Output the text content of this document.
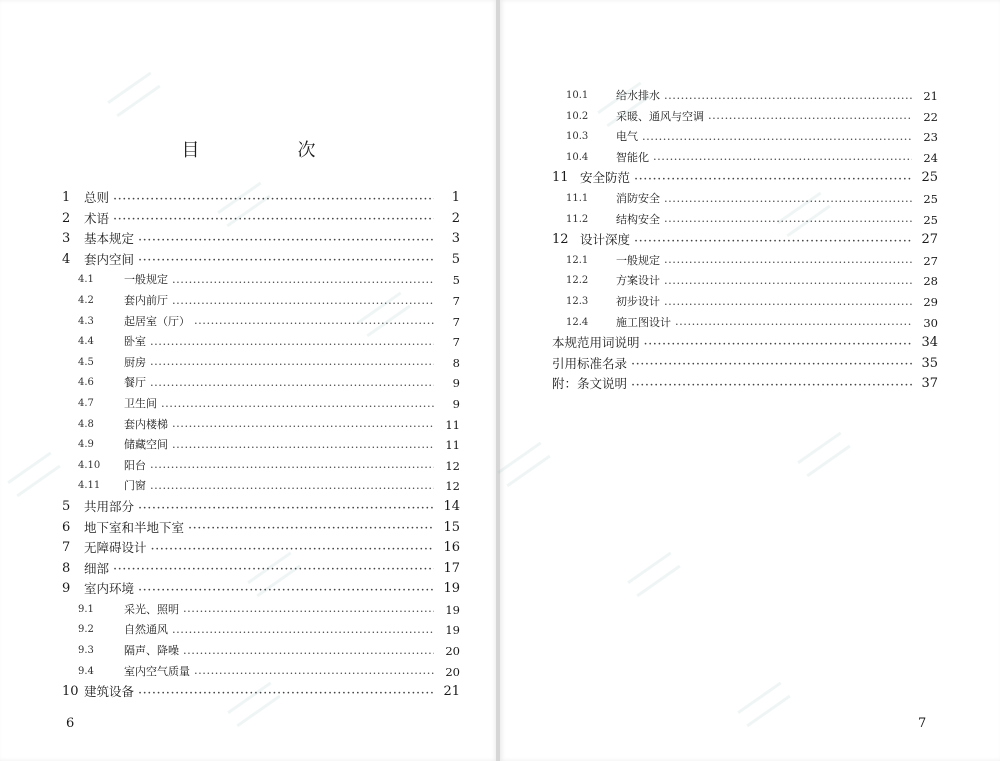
目　次
1	总则 ·····	1
2	术语 ·····	2
3	基本规定 ·····	3
4	套内空间 ·····	5
4.1	一般规定 ·····	5
4.2	套内前厅 ·····	7
4.3	起居室（厅） ·····	7
4.4	卧室 ·····	7
4.5	厨房 ·····	8
4.6	餐厅 ·····	9
4.7	卫生间 ·····	9
4.8	套内楼梯 ·····	11
4.9	储藏空间 ·····	11
4.10	阳台 ·····	12
4.11	门窗 ·····	12
5	共用部分 ·····	14
6	地下室和半地下室 ·····	15
7	无障碍设计 ·····	16
8	细部 ·····	17
9	室内环境 ·····	19
9.1	采光、照明 ·····	19
9.2	自然通风 ·····	19
9.3	隔声、降噪 ·····	20
9.4	室内空气质量 ·····	20
10 建筑设备 ·····	21
10.1	给水排水 ·····	21
10.2	采暖、通风与空调 ·····	22
10.3	电气 ·····	23
10.4	智能化 ·····	24
11 安全防范 ·····	25
11.1	消防安全 ·····	25
11.2	结构安全 ·····	25
12 设计深度 ·····	27
12.1	一般规定 ·····	27
12.2	方案设计 ·····	28
12.3	初步设计 ·····	29
12.4	施工图设计 ·····	30
本规范用词说明 ·····	34
引用标准名录 ·····	35
附：条文说明 ·····	37
6	7
